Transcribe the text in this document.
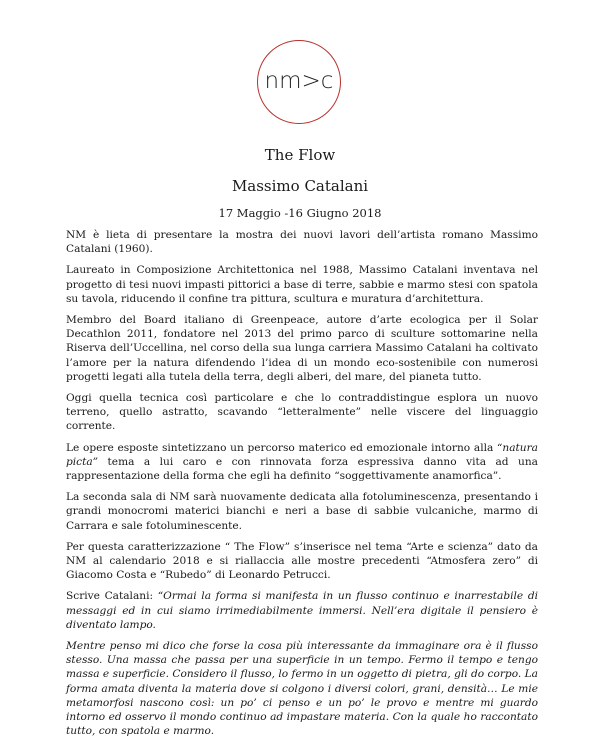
nm>c
The Flow
Massimo Catalani
17 Maggio -16 Giugno 2018

NM è lieta di presentare la mostra dei nuovi lavori dell’artista romano Massimo Catalani (1960).

Laureato in Composizione Architettonica nel 1988, Massimo Catalani inventava nel progetto di tesi nuovi impasti pittorici a base di terre, sabbie e marmo stesi con spatola su tavola, riducendo il confine tra pittura, scultura e muratura d’architettura.

Membro del Board italiano di Greenpeace, autore d’arte ecologica per il Solar Decathlon 2011, fondatore nel 2013 del primo parco di sculture sottomarine nella Riserva dell’Uccellina, nel corso della sua lunga carriera Massimo Catalani ha coltivato l’amore per la natura difendendo l’idea di un mondo eco-sostenibile con numerosi progetti legati alla tutela della terra, degli alberi, del mare, del pianeta tutto.

Oggi quella tecnica così particolare e che lo contraddistingue esplora un nuovo terreno, quello astratto, scavando “letteralmente” nelle viscere del linguaggio corrente.

Le opere esposte sintetizzano un percorso materico ed emozionale intorno alla “natura picta” tema a lui caro e con rinnovata forza espressiva danno vita ad una rappresentazione della forma che egli ha definito “soggettivamente anamorfica”.

La seconda sala di NM sarà nuovamente dedicata alla fotoluminescenza, presentando i grandi monocromi materici bianchi e neri a base di sabbie vulcaniche, marmo di Carrara e sale fotoluminescente.

Per questa caratterizzazione “ The Flow” s’inserisce nel tema “Arte e scienza” dato da NM al calendario 2018 e si riallaccia alle mostre precedenti “Atmosfera zero” di Giacomo Costa e “Rubedo” di Leonardo Petrucci.

Scrive Catalani: “Ormai la forma si manifesta in un flusso continuo e inarrestabile di messaggi ed in cui siamo irrimediabilmente immersi. Nell’era digitale il pensiero è diventato lampo.

Mentre penso mi dico che forse la cosa più interessante da immaginare ora è il flusso stesso. Una massa che passa per una superficie in un tempo. Fermo il tempo e tengo massa e superficie. Considero il flusso, lo fermo in un oggetto di pietra, gli do corpo. La forma amata diventa la materia dove si colgono i diversi colori, grani, densità… Le mie metamorfosi nascono così: un po’ ci penso e un po’ le provo e mentre mi guardo intorno ed osservo il mondo continuo ad impastare materia. Con la quale ho raccontato tutto, con spatola e marmo.
